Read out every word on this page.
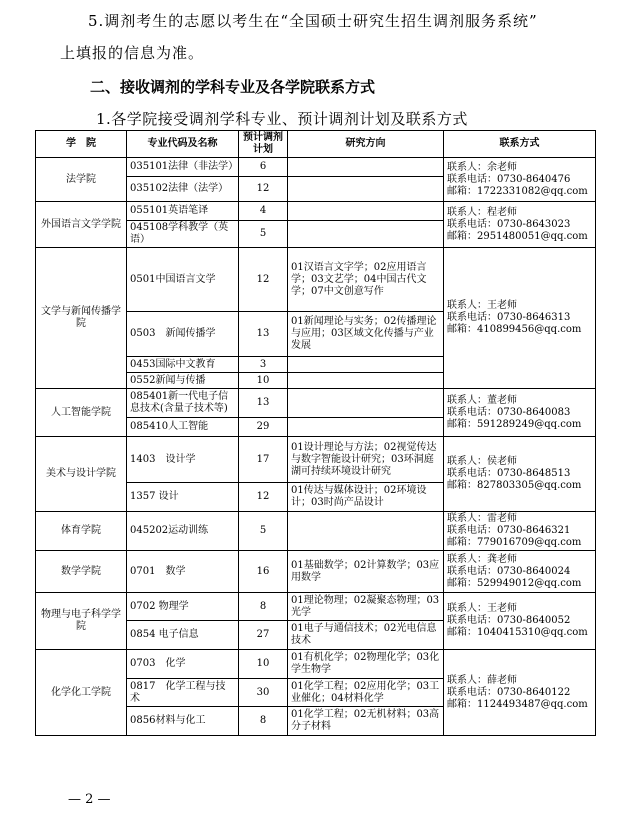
5.调剂考生的志愿以考生在“全国硕士研究生招生调剂服务系统”
上填报的信息为准。
二、接收调剂的学科专业及各学院联系方式
1.各学院接受调剂学科专业、预计调剂计划及联系方式
学　院	专业代码及名称	预计调剂计划	研究方向	联系方式
法学院	035101法律（非法学）	6		联系人：余老师
联系电话：0730-8640476
邮箱：1722331082@qq.com

	035102法律（法学）	12		
外国语言文学学院	055101英语笔译	4		联系人：程老师
联系电话：0730-8643023
邮箱：2951480051@qq.com

	045108学科教学（英语）	5		
文学与新闻传播学院	0501中国语言文学	12	01汉语言文字学；02应用语言学；03文艺学；04中国古代文学；07中文创意写作	联系人：王老师
联系电话：0730-8646313
邮箱：410899456@qq.com

	0503　新闻传播学	13	01新闻理论与实务；02传播理论与应用；03区域文化传播与产业发展	
	0453国际中文教育	3		
	0552新闻与传播	10		
人工智能学院	085401新一代电子信息技术(含量子技术等)	13		联系人：董老师
联系电话：0730-8640083
邮箱：591289249@qq.com

	085410人工智能	29		
美术与设计学院	1403　设计学	17	01设计理论与方法；02视觉传达与数字智能设计研究；03环洞庭湖可持续环境设计研究	联系人：侯老师
联系电话：0730-8648513
邮箱：827803305@qq.com

	1357 设计	12	01传达与媒体设计；02环境设计；03时尚产品设计	
体育学院	045202运动训练	5		联系人：雷老师
联系电话：0730-8646321
邮箱：779016709@qq.com

数学学院	0701　数学	16	01基础数学；02计算数学；03应用数学	联系人：龚老师
联系电话：0730-8640024
邮箱：529949012@qq.com

物理与电子科学学院	0702 物理学	8	01理论物理；02凝聚态物理；03光学	联系人：王老师
联系电话：0730-8640052
邮箱：1040415310@qq.com

	0854 电子信息	27	01电子与通信技术；02光电信息技术	
化学化工学院	0703　化学	10	01有机化学；02物理化学；03化学生物学	联系人：薛老师
联系电话：0730-8640122
邮箱：1124493487@qq.com

	0817　化学工程与技术	30	01化学工程；02应用化学；03工业催化；04材料化学	
	0856材料与化工	8	01化学工程；02无机材料；03高分子材料	
— 2 —
